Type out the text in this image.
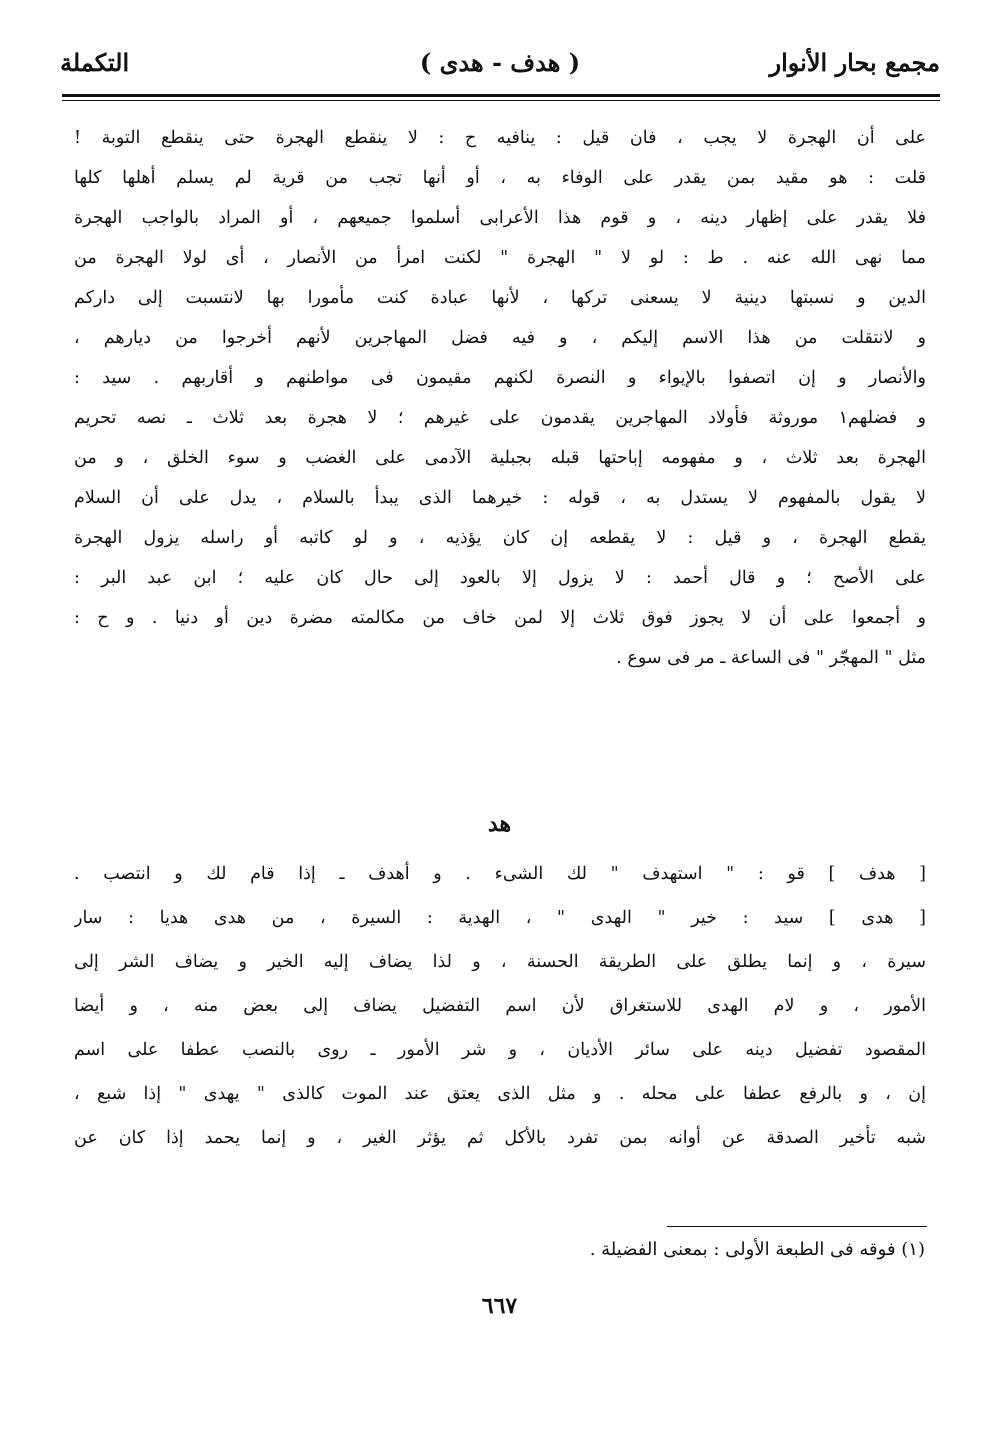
مجمع بحار الأنوار
( هدف - هدى )
التكملة
على أن الهجرة لا يجب ، فان قيل : ينافيه ح : لا ينقطع الهجرة حتى ينقطع التوبة !
قلت : هو مقيد بمن يقدر على الوفاء به ، أو أنها تجب من قرية لم يسلم أهلها كلها
فلا يقدر على إظهار دينه ، و قوم هذا الأعرابى أسلموا جميعهم ، أو المراد بالواجب الهجرة
مما نهى الله عنه . ط : لو لا " الهجرة " لكنت امرأ من الأنصار ، أى لولا الهجرة من
الدين و نسبتها دينية لا يسعنى تركها ، لأنها عبادة كنت مأمورا بها لانتسبت إلى داركم
و لانتقلت من هذا الاسم إليكم ، و فيه فضل المهاجرين لأنهم أخرجوا من ديارهم ،
والأنصار و إن اتصفوا بالإيواء و النصرة لكنهم مقيمون فى مواطنهم و أقاربهم . سيد :
و فضلهم١ موروثة فأولاد المهاجرين يقدمون على غيرهم ؛ لا هجرة بعد ثلاث ـ نصه تحريم
الهجرة بعد ثلاث ، و مفهومه إباحتها قبله بجبلية الآدمى على الغضب و سوء الخلق ، و من
لا يقول بالمفهوم لا يستدل به ، قوله : خيرهما الذى يبدأ بالسلام ، يدل على أن السلام
يقطع الهجرة ، و قيل : لا يقطعه إن كان يؤذيه ، و لو كاتبه أو راسله يزول الهجرة
على الأصح ؛ و قال أحمد : لا يزول إلا بالعود إلى حال كان عليه ؛ ابن عبد البر :
و أجمعوا على أن لا يجوز فوق ثلاث إلا لمن خاف من مكالمته مضرة دين أو دنيا . و ح :
مثل " المهجّر " فى الساعة ـ مر فى سوع .
هد
[ هدف ] قو : " استهدف " لك الشىء . و أهدف ـ إذا قام لك و انتصب .
[ هدى ] سيد : خير " الهدى " ، الهدية : السيرة ، من هدى هديا : سار
سيرة ، و إنما يطلق على الطريقة الحسنة ، و لذا يضاف إليه الخير و يضاف الشر إلى
الأمور ، و لام الهدى للاستغراق لأن اسم التفضيل يضاف إلى بعض منه ، و أيضا
المقصود تفضيل دينه على سائر الأديان ، و شر الأمور ـ روى بالنصب عطفا على اسم
إن ، و بالرفع عطفا على محله . و مثل الذى يعتق عند الموت كالذى " يهدى " إذا شبع ،
شبه تأخير الصدقة عن أوانه بمن تفرد بالأكل ثم يؤثر الغير ، و إنما يحمد إذا كان عن
(١) فوقه فى الطبعة الأولى : بمعنى الفضيلة .
٦٦٧
